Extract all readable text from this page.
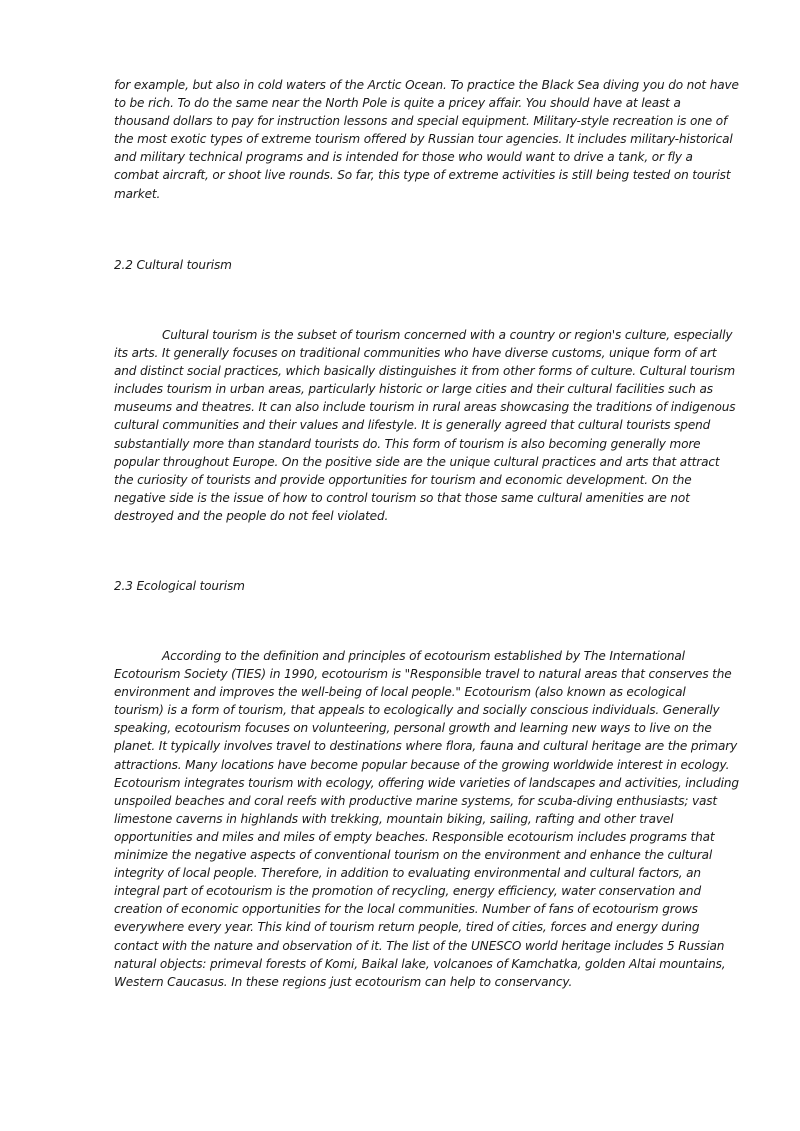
for example, but also in cold waters of the Arctic Ocean. To practice the Black Sea diving you do not have to be rich. To do the same near the North Pole is quite a pricey affair. You should have at least a thousand dollars to pay for instruction lessons and special equipment. Military-style recreation is one of the most exotic types of extreme tourism offered by Russian tour agencies. It includes military-historical and military technical programs and is intended for those who would want to drive a tank, or fly a combat aircraft, or shoot live rounds. So far, this type of extreme activities is still being tested on tourist market.

2.2 Cultural tourism

Cultural tourism is the subset of tourism concerned with a country or region's culture, especially its arts. It generally focuses on traditional communities who have diverse customs, unique form of art and distinct social practices, which basically distinguishes it from other forms of culture. Cultural tourism includes tourism in urban areas, particularly historic or large cities and their cultural facilities such as museums and theatres. It can also include tourism in rural areas showcasing the traditions of indigenous cultural communities and their values and lifestyle. It is generally agreed that cultural tourists spend substantially more than standard tourists do. This form of tourism is also becoming generally more popular throughout Europe. On the positive side are the unique cultural practices and arts that attract the curiosity of tourists and provide opportunities for tourism and economic development. On the negative side is the issue of how to control tourism so that those same cultural amenities are not destroyed and the people do not feel violated.

2.3 Ecological tourism

According to the definition and principles of ecotourism established by The International Ecotourism Society (TIES) in 1990, ecotourism is "Responsible travel to natural areas that conserves the environment and improves the well-being of local people." Ecotourism (also known as ecological tourism) is a form of tourism, that appeals to ecologically and socially conscious individuals. Generally speaking, ecotourism focuses on volunteering, personal growth and learning new ways to live on the planet. It typically involves travel to destinations where flora, fauna and cultural heritage are the primary attractions. Many locations have become popular because of the growing worldwide interest in ecology. Ecotourism integrates tourism with ecology, offering wide varieties of landscapes and activities, including unspoiled beaches and coral reefs with productive marine systems, for scuba-diving enthusiasts; vast limestone caverns in highlands with trekking, mountain biking, sailing, rafting and other travel opportunities and miles and miles of empty beaches. Responsible ecotourism includes programs that minimize the negative aspects of conventional tourism on the environment and enhance the cultural integrity of local people. Therefore, in addition to evaluating environmental and cultural factors, an integral part of ecotourism is the promotion of recycling, energy efficiency, water conservation and creation of economic opportunities for the local communities. Number of fans of ecotourism grows everywhere every year. This kind of tourism return people, tired of cities, forces and energy during contact with the nature and observation of it. The list of the UNESCO world heritage includes 5 Russian natural objects: primeval forests of Komi, Baikal lake, volcanoes of Kamchatka, golden Altai mountains, Western Caucasus. In these regions just ecotourism can help to conservancy.
